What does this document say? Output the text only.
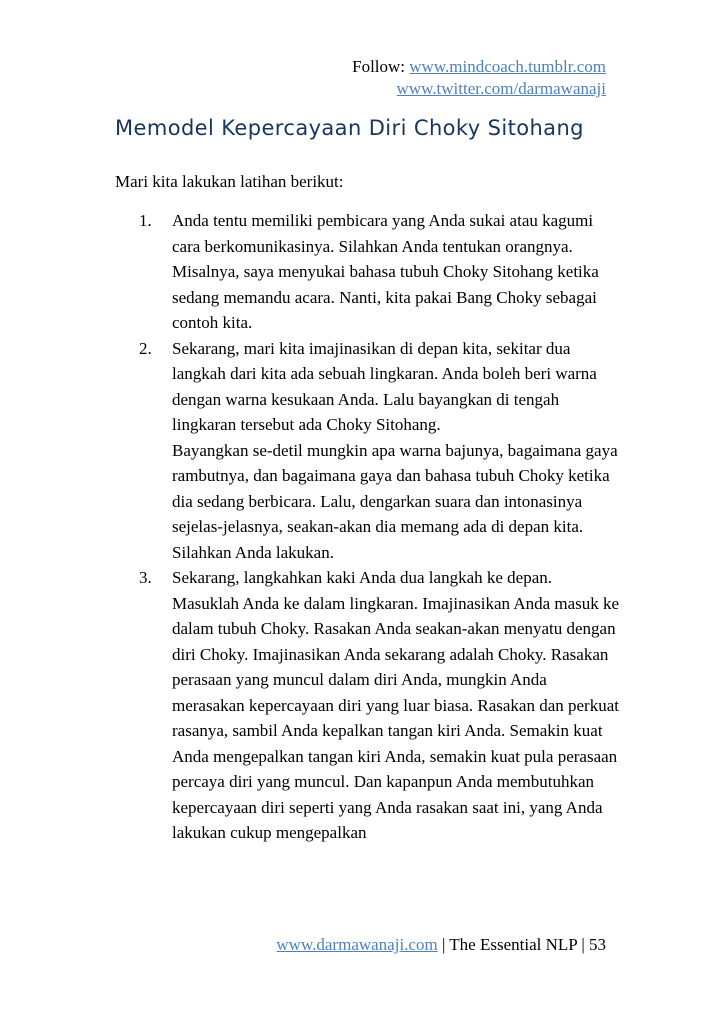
Follow: www.mindcoach.tumblr.com
www.twitter.com/darmawanaji
Memodel Kepercayaan Diri Choky Sitohang

Mari kita lakukan latihan berikut:

1. Anda tentu memiliki pembicara yang Anda sukai atau kagumi cara berkomunikasinya. Silahkan Anda tentukan orangnya. Misalnya, saya menyukai bahasa tubuh Choky Sitohang ketika sedang memandu acara. Nanti, kita pakai Bang Choky sebagai contoh kita.

2. Sekarang, mari kita imajinasikan di depan kita, sekitar dua langkah dari kita ada sebuah lingkaran. Anda boleh beri warna dengan warna kesukaan Anda. Lalu bayangkan di tengah lingkaran tersebut ada Choky Sitohang.

Bayangkan se-detil mungkin apa warna bajunya, bagaimana gaya rambutnya, dan bagaimana gaya dan bahasa tubuh Choky ketika dia sedang berbicara. Lalu, dengarkan suara dan intonasinya sejelas-jelasnya, seakan-akan dia memang ada di depan kita. Silahkan Anda lakukan.

3. Sekarang, langkahkan kaki Anda dua langkah ke depan. Masuklah Anda ke dalam lingkaran. Imajinasikan Anda masuk ke dalam tubuh Choky. Rasakan Anda seakan-akan menyatu dengan diri Choky. Imajinasikan Anda sekarang adalah Choky. Rasakan perasaan yang muncul dalam diri Anda, mungkin Anda merasakan kepercayaan diri yang luar biasa. Rasakan dan perkuat rasanya, sambil Anda kepalkan tangan kiri Anda. Semakin kuat Anda mengepalkan tangan kiri Anda, semakin kuat pula perasaan percaya diri yang muncul. Dan kapanpun Anda membutuhkan kepercayaan diri seperti yang Anda rasakan saat ini, yang Anda lakukan cukup mengepalkan

www.darmawanaji.com | The Essential NLP | 53
